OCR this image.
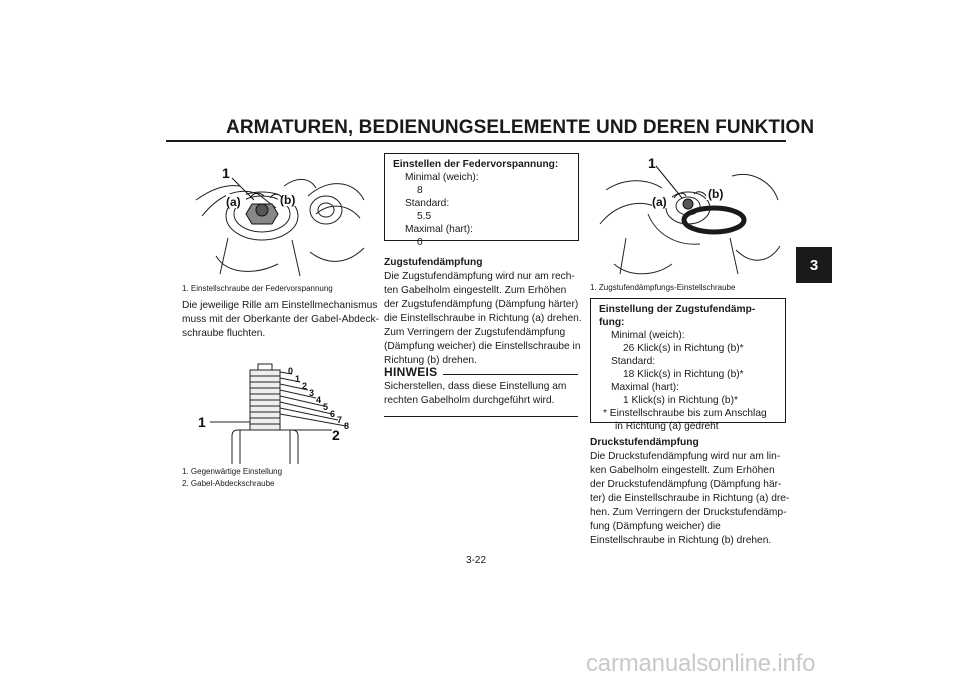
ARMATUREN, BEDIENUNGSELEMENTE UND DEREN FUNKTION
3
1
(a)	(b)
1. Einstellschraube der Federvorspannung

Die jeweilige Rille am Einstellmechanismus

muss mit der Oberkante der Gabel-Abdeck-

schraube fluchten.

0
1
2
3
4
5
6
7
8
1
2
1. Gegenwärtige Einstellung
2. Gabel-Abdeckschraube
Einstellen der Federvorspannung:
Minimal (weich):
8
Standard:
5.5
Maximal (hart):
0

Zugstufendämpfung

Die Zugstufendämpfung wird nur am rech-

ten Gabelholm eingestellt. Zum Erhöhen

der Zugstufendämpfung (Dämpfung härter)

die Einstellschraube in Richtung (a) drehen.

Zum Verringern der Zugstufendämpfung

(Dämpfung weicher) die Einstellschraube in

Richtung (b) drehen.

HINWEIS

Sicherstellen, dass diese Einstellung am

rechten Gabelholm durchgeführt wird.

1
(a)
(b)
1. Zugstufendämpfungs-Einstellschraube
Einstellung der Zugstufendämp-
fung:
Minimal (weich):
26 Klick(s) in Richtung (b)*
Standard:
18 Klick(s) in Richtung (b)*
Maximal (hart):
1 Klick(s) in Richtung (b)*
* Einstellschraube bis zum Anschlag
in Richtung (a) gedreht

Druckstufendämpfung

Die Druckstufendämpfung wird nur am lin-

ken Gabelholm eingestellt. Zum Erhöhen

der Druckstufendämpfung (Dämpfung här-

ter) die Einstellschraube in Richtung (a) dre-

hen. Zum Verringern der Druckstufendämp-

fung (Dämpfung weicher) die

Einstellschraube in Richtung (b) drehen.

3-22
carmanualsonline.info
